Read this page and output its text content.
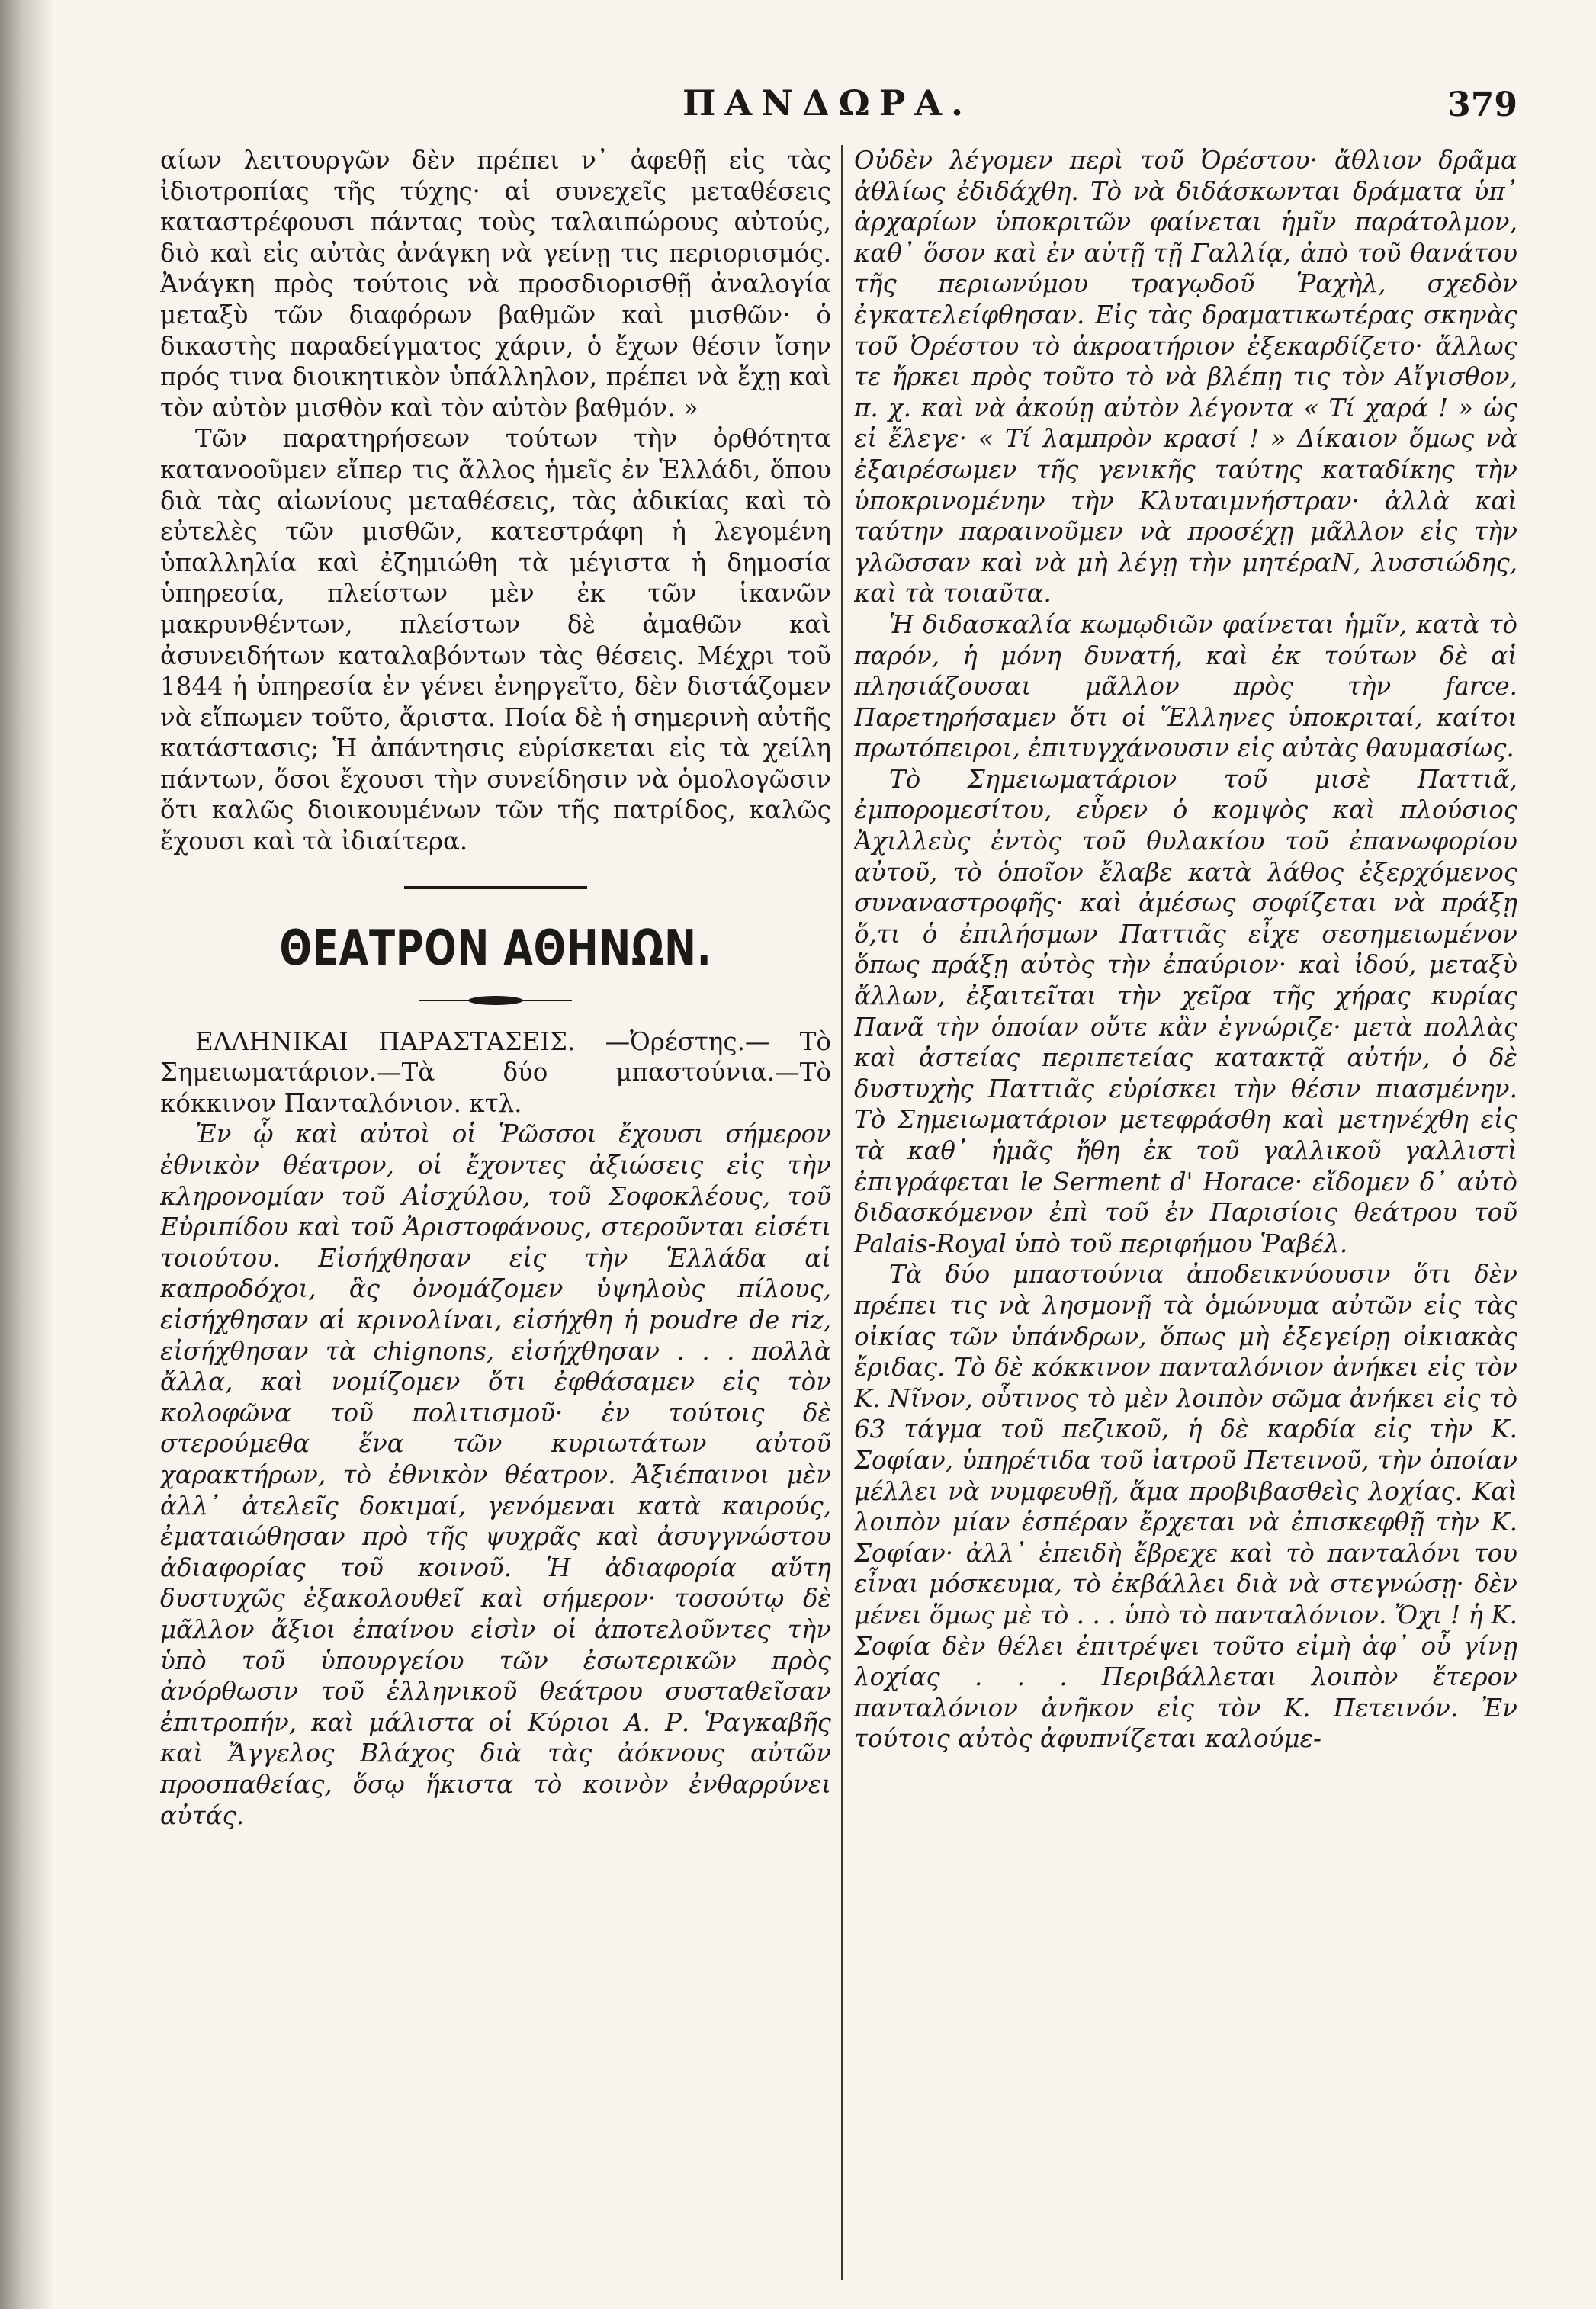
ΠΑΝΔΩΡΑ.	379

αίων λειτουργῶν δὲν πρέπει ν᾽ ἀφεθῇ εἰς τὰς ἰδιοτροπίας τῆς τύχης· αἱ συνεχεῖς μεταθέσεις καταστρέφουσι πάντας τοὺς ταλαιπώρους αὐτούς, διὸ καὶ εἰς αὐτὰς ἀνάγκη νὰ γείνῃ τις περιορισμός. Ἀνάγκη πρὸς τούτοις νὰ προσδιορισθῇ ἀναλογία μεταξὺ τῶν διαφόρων βαθμῶν καὶ μισθῶν· ὁ δικαστὴς παραδείγματος χάριν, ὁ ἔχων θέσιν ἴσην πρός τινα διοικητικὸν ὑπάλληλον, πρέπει νὰ ἔχῃ καὶ τὸν αὐτὸν μισθὸν καὶ τὸν αὐτὸν βαθμόν. »

Τῶν παρατηρήσεων τούτων τὴν ὀρθότητα κατανοοῦμεν εἴπερ τις ἄλλος ἡμεῖς ἐν Ἑλλάδι, ὅπου διὰ τὰς αἰωνίους μεταθέσεις, τὰς ἀδικίας καὶ τὸ εὐτελὲς τῶν μισθῶν, κατεστράφη ἡ λεγομένη ὑπαλληλία καὶ ἐζημιώθη τὰ μέγιστα ἡ δημοσία ὑπηρεσία, πλείστων μὲν ἐκ τῶν ἱκανῶν μακρυνθέντων, πλείστων δὲ ἀμαθῶν καὶ ἀσυνειδήτων καταλαβόντων τὰς θέσεις. Μέχρι τοῦ 1844 ἡ ὑπηρεσία ἐν γένει ἐνηργεῖτο, δὲν διστάζομεν νὰ εἴπωμεν τοῦτο, ἄριστα. Ποία δὲ ἡ σημερινὴ αὐτῆς κατάστασις; Ἡ ἀπάντησις εὑρίσκεται εἰς τὰ χείλη πάντων, ὅσοι ἔχουσι τὴν συνείδησιν νὰ ὁμολογῶσιν ὅτι καλῶς διοικουμένων τῶν τῆς πατρίδος, καλῶς ἔχουσι καὶ τὰ ἰδιαίτερα.

ΘΕΑΤΡΟΝ ΑΘΗΝΩΝ.

ΕΛΛΗΝΙΚΑΙ ΠΑΡΑΣΤΑΣΕΙΣ. —Ὀρέστης.— Τὸ Σημειωματάριον.—Τὰ δύο μπαστούνια.—Τὸ κόκκινον Πανταλόνιον. κτλ.

Ἐν ᾧ καὶ αὐτοὶ οἱ Ῥῶσσοι ἔχουσι σήμερον ἐθνικὸν θέατρον, οἱ ἔχοντες ἀξιώσεις εἰς τὴν κληρονομίαν τοῦ Αἰσχύλου, τοῦ Σοφοκλέους, τοῦ Εὐριπίδου καὶ τοῦ Ἀριστοφάνους, στεροῦνται εἰσέτι τοιούτου. Εἰσήχθησαν εἰς τὴν Ἑλλάδα αἱ καπροδόχοι, ἃς ὀνομάζομεν ὑψηλοὺς πίλους, εἰσήχθησαν αἱ κρινολίναι, εἰσήχθη ἡ poudre de riz, εἰσήχθησαν τὰ chignons, εἰσήχθησαν . . . πολλὰ ἄλλα, καὶ νομίζομεν ὅτι ἐφθάσαμεν εἰς τὸν κολοφῶνα τοῦ πολιτισμοῦ· ἐν τούτοις δὲ στερούμεθα ἕνα τῶν κυριωτάτων αὐτοῦ χαρακτήρων, τὸ ἐθνικὸν θέατρον. Ἀξιέπαινοι μὲν ἀλλ᾽ ἀτελεῖς δοκιμαί, γενόμεναι κατὰ καιρούς, ἐματαιώθησαν πρὸ τῆς ψυχρᾶς καὶ ἀσυγγνώστου ἀδιαφορίας τοῦ κοινοῦ. Ἡ ἀδιαφορία αὕτη δυστυχῶς ἐξακολουθεῖ καὶ σήμερον· τοσούτῳ δὲ μᾶλλον ἄξιοι ἐπαίνου εἰσὶν οἱ ἀποτελοῦντες τὴν ὑπὸ τοῦ ὑπουργείου τῶν ἐσωτερικῶν πρὸς ἀνόρθωσιν τοῦ ἑλληνικοῦ θεάτρου συσταθεῖσαν ἐπιτροπήν, καὶ μάλιστα οἱ Κύριοι Α. Ρ. Ῥαγκαβῆς καὶ Ἄγγελος Βλάχος διὰ τὰς ἀόκνους αὐτῶν προσπαθείας, ὅσῳ ἥκιστα τὸ κοινὸν ἐνθαρρύνει αὐτάς.

Οὐδὲν λέγομεν περὶ τοῦ Ὀρέστου· ἄθλιον δρᾶμα ἀθλίως ἐδιδάχθη. Τὸ νὰ διδάσκωνται δράματα ὑπ᾽ ἀρχαρίων ὑποκριτῶν φαίνεται ἡμῖν παράτολμον, καθ᾽ ὅσον καὶ ἐν αὐτῇ τῇ Γαλλίᾳ, ἀπὸ τοῦ θανάτου τῆς περιωνύμου τραγῳδοῦ Ῥαχὴλ, σχεδὸν ἐγκατελείφθησαν. Εἰς τὰς δραματικωτέρας σκηνὰς τοῦ Ὀρέστου τὸ ἀκροατήριον ἐξεκαρδίζετο· ἄλλως τε ἤρκει πρὸς τοῦτο τὸ νὰ βλέπῃ τις τὸν Αἴγισθον, π. χ. καὶ νὰ ἀκούῃ αὐτὸν λέγοντα « Τί χαρά ! » ὡς εἰ ἔλεγε· « Τί λαμπρὸν κρασί ! » Δίκαιον ὅμως νὰ ἐξαιρέσωμεν τῆς γενικῆς ταύτης καταδίκης τὴν ὑποκρινομένην τὴν Κλυταιμνήστραν· ἀλλὰ καὶ ταύτην παραινοῦμεν νὰ προσέχῃ μᾶλλον εἰς τὴν γλῶσσαν καὶ νὰ μὴ λέγῃ τὴν μητέραΝ, λυσσιώδης, καὶ τὰ τοιαῦτα.

Ἡ διδασκαλία κωμῳδιῶν φαίνεται ἡμῖν, κατὰ τὸ παρόν, ἡ μόνη δυνατή, καὶ ἐκ τούτων δὲ αἱ πλησιάζουσαι μᾶλλον πρὸς τὴν farce. Παρετηρήσαμεν ὅτι οἱ Ἕλληνες ὑποκριταί, καίτοι πρωτόπειροι, ἐπιτυγχάνουσιν εἰς αὐτὰς θαυμασίως.

Τὸ Σημειωματάριον τοῦ μισὲ Παττιᾶ, ἐμπορομεσίτου, εὗρεν ὁ κομψὸς καὶ πλούσιος Ἀχιλλεὺς ἐντὸς τοῦ θυλακίου τοῦ ἐπανωφορίου αὐτοῦ, τὸ ὁποῖον ἔλαβε κατὰ λάθος ἐξερχόμενος συναναστροφῆς· καὶ ἀμέσως σοφίζεται νὰ πράξῃ ὅ,τι ὁ ἐπιλήσμων Παττιᾶς εἶχε σεσημειωμένον ὅπως πράξῃ αὐτὸς τὴν ἐπαύριον· καὶ ἰδού, μεταξὺ ἄλλων, ἐξαιτεῖται τὴν χεῖρα τῆς χήρας κυρίας Πανᾶ τὴν ὁποίαν οὔτε κἂν ἐγνώριζε· μετὰ πολλὰς καὶ ἀστείας περιπετείας κατακτᾷ αὐτήν, ὁ δὲ δυστυχὴς Παττιᾶς εὑρίσκει τὴν θέσιν πιασμένην. Τὸ Σημειωματάριον μετεφράσθη καὶ μετηνέχθη εἰς τὰ καθ᾽ ἡμᾶς ἤθη ἐκ τοῦ γαλλικοῦ γαλλιστὶ ἐπιγράφεται le Serment d' Horace· εἴδομεν δ᾽ αὐτὸ διδασκόμενον ἐπὶ τοῦ ἐν Παρισίοις θεάτρου τοῦ Palais-Royal ὑπὸ τοῦ περιφήμου Ῥαβέλ.

Τὰ δύο μπαστούνια ἀποδεικνύουσιν ὅτι δὲν πρέπει τις νὰ λησμονῇ τὰ ὁμώνυμα αὐτῶν εἰς τὰς οἰκίας τῶν ὑπάνδρων, ὅπως μὴ ἐξεγείρῃ οἰκιακὰς ἔριδας. Τὸ δὲ κόκκινον πανταλόνιον ἀνήκει εἰς τὸν Κ. Νῖνον, οὗτινος τὸ μὲν λοιπὸν σῶμα ἀνήκει εἰς τὸ 63 τάγμα τοῦ πεζικοῦ, ἡ δὲ καρδία εἰς τὴν Κ. Σοφίαν, ὑπηρέτιδα τοῦ ἰατροῦ Πετεινοῦ, τὴν ὁποίαν μέλλει νὰ νυμφευθῇ, ἅμα προβιβασθεὶς λοχίας. Καὶ λοιπὸν μίαν ἑσπέραν ἔρχεται νὰ ἐπισκεφθῇ τὴν Κ. Σοφίαν· ἀλλ᾽ ἐπειδὴ ἔβρεχε καὶ τὸ πανταλόνι του εἶναι μόσκευμα, τὸ ἐκβάλλει διὰ νὰ στεγνώσῃ· δὲν μένει ὅμως μὲ τὸ . . . ὑπὸ τὸ πανταλόνιον. Ὄχι ! ἡ Κ. Σοφία δὲν θέλει ἐπιτρέψει τοῦτο εἰμὴ ἀφ᾽ οὗ γίνῃ λοχίας . . . Περιβάλλεται λοιπὸν ἕτερον πανταλόνιον ἀνῆκον εἰς τὸν Κ. Πετεινόν. Ἐν τούτοις αὐτὸς ἀφυπνίζεται καλούμε-
